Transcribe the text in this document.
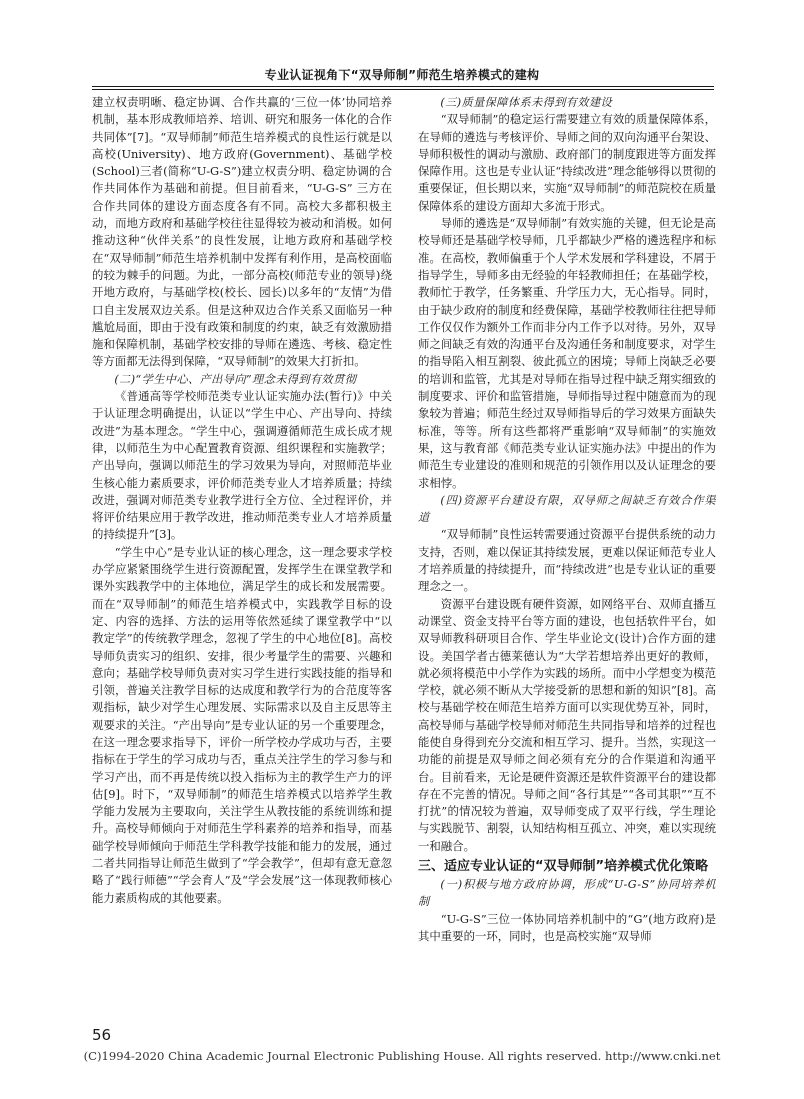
专业认证视角下“双导师制”师范生培养模式的建构

建立权责明晰、稳定协调、合作共赢的‘三位一体’协同培养机制，基本形成教师培养、培训、研究和服务一体化的合作共同体”[7]。“双导师制”师范生培养模式的良性运行就是以高校(University)、地方政府(Government)、基础学校(School)三者(简称“U-G-S”)建立权责分明、稳定协调的合作共同体作为基础和前提。但目前看来，“U-G-S” 三方在合作共同体的建设方面态度各有不同。高校大多都积极主动，而地方政府和基础学校往往显得较为被动和消极。如何推动这种“伙伴关系”的良性发展，让地方政府和基础学校在“双导师制”师范生培养机制中发挥有利作用，是高校面临的较为棘手的问题。为此，一部分高校(师范专业的领导)绕开地方政府，与基础学校(校长、园长)以多年的“友情”为借口自主发展双边关系。但是这种双边合作关系又面临另一种尴尬局面，即由于没有政策和制度的约束，缺乏有效激励措施和保障机制，基础学校安排的导师在遴选、考核、稳定性等方面都无法得到保障，“双导师制”的效果大打折扣。

(二)“学生中心、产出导向”理念未得到有效贯彻

《普通高等学校师范类专业认证实施办法(暂行)》中关于认证理念明确提出，认证以“学生中心、产出导向、持续改进”为基本理念。“学生中心，强调遵循师范生成长成才规律，以师范生为中心配置教育资源、组织课程和实施教学；产出导向，强调以师范生的学习效果为导向，对照师范毕业生核心能力素质要求，评价师范类专业人才培养质量；持续改进，强调对师范类专业教学进行全方位、全过程评价，并将评价结果应用于教学改进，推动师范类专业人才培养质量的持续提升”[3]。

“学生中心”是专业认证的核心理念，这一理念要求学校办学应紧紧围绕学生进行资源配置，发挥学生在课堂教学和课外实践教学中的主体地位，满足学生的成长和发展需要。而在“双导师制”的师范生培养模式中，实践教学目标的设定、内容的选择、方法的运用等依然延续了课堂教学中“以教定学”的传统教学理念，忽视了学生的中心地位[8]。高校导师负责实习的组织、安排，很少考量学生的需要、兴趣和意向；基础学校导师负责对实习学生进行实践技能的指导和引领，普遍关注教学目标的达成度和教学行为的合范度等客观指标，缺少对学生心理发展、实际需求以及自主反思等主观要求的关注。“产出导向”是专业认证的另一个重要理念，在这一理念要求指导下，评价一所学校办学成功与否，主要指标在于学生的学习成功与否，重点关注学生的学习参与和学习产出，而不再是传统以投入指标为主的教学生产力的评估[9]。时下，“双导师制”的师范生培养模式以培养学生教学能力发展为主要取向，关注学生从教技能的系统训练和提升。高校导师倾向于对师范生学科素养的培养和指导，而基础学校导师倾向于师范生学科教学技能和能力的发展，通过二者共同指导让师范生做到了“学会教学”，但却有意无意忽略了“践行师德”“学会育人”及“学会发展”这一体现教师核心能力素质构成的其他要素。

(三)质量保障体系未得到有效建设

“双导师制”的稳定运行需要建立有效的质量保障体系，在导师的遴选与考核评价、导师之间的双向沟通平台架设、导师积极性的调动与激励、政府部门的制度跟进等方面发挥保障作用。这也是专业认证“持续改进”理念能够得以贯彻的重要保证，但长期以来，实施“双导师制”的师范院校在质量保障体系的建设方面却大多流于形式。

导师的遴选是“双导师制”有效实施的关键，但无论是高校导师还是基础学校导师，几乎都缺少严格的遴选程序和标准。在高校，教师偏重于个人学术发展和学科建设，不屑于指导学生，导师多由无经验的年轻教师担任；在基础学校，教师忙于教学，任务繁重、升学压力大，无心指导。同时，由于缺少政府的制度和经费保障，基础学校教师往往把导师工作仅仅作为额外工作而非分内工作予以对待。另外，双导师之间缺乏有效的沟通平台及沟通任务和制度要求，对学生的指导陷入相互割裂、彼此孤立的困境；导师上岗缺乏必要的培训和监管，尤其是对导师在指导过程中缺乏翔实细致的制度要求、评价和监管措施，导师指导过程中随意而为的现象较为普遍；师范生经过双导师指导后的学习效果方面缺失标准，等等。所有这些都将严重影响“双导师制”的实施效果，这与教育部《师范类专业认证实施办法》中提出的作为师范生专业建设的准则和规范的引领作用以及认证理念的要求相悖。

(四)资源平台建设有限，双导师之间缺乏有效合作渠道

“双导师制”良性运转需要通过资源平台提供系统的动力支持，否则，难以保证其持续发展，更难以保证师范专业人才培养质量的持续提升，而“持续改进”也是专业认证的重要理念之一。

资源平台建设既有硬件资源，如网络平台、双师直播互动课堂、资金支持平台等方面的建设，也包括软件平台，如双导师教科研项目合作、学生毕业论文(设计)合作方面的建设。美国学者古德莱德认为“大学若想培养出更好的教师，就必须将模范中小学作为实践的场所。而中小学想变为模范学校，就必须不断从大学接受新的思想和新的知识”[8]。高校与基础学校在师范生培养方面可以实现优势互补，同时，高校导师与基础学校导师对师范生共同指导和培养的过程也能使自身得到充分交流和相互学习、提升。当然，实现这一功能的前提是双导师之间必须有充分的合作渠道和沟通平台。目前看来，无论是硬件资源还是软件资源平台的建设都存在不完善的情况。导师之间“各行其是”“各司其职”“互不打扰”的情况较为普遍，双导师变成了双平行线，学生理论与实践脱节、割裂，认知结构相互孤立、冲突，难以实现统一和融合。

三、适应专业认证的“双导师制”培养模式优化策略

(一)积极与地方政府协调，形成“U-G-S”协同培养机制

“U-G-S”三位一体协同培养机制中的“G”(地方政府)是其中重要的一环，同时，也是高校实施“双导师

56
(C)1994-2020 China Academic Journal Electronic Publishing House. All rights reserved. http://www.cnki.net
